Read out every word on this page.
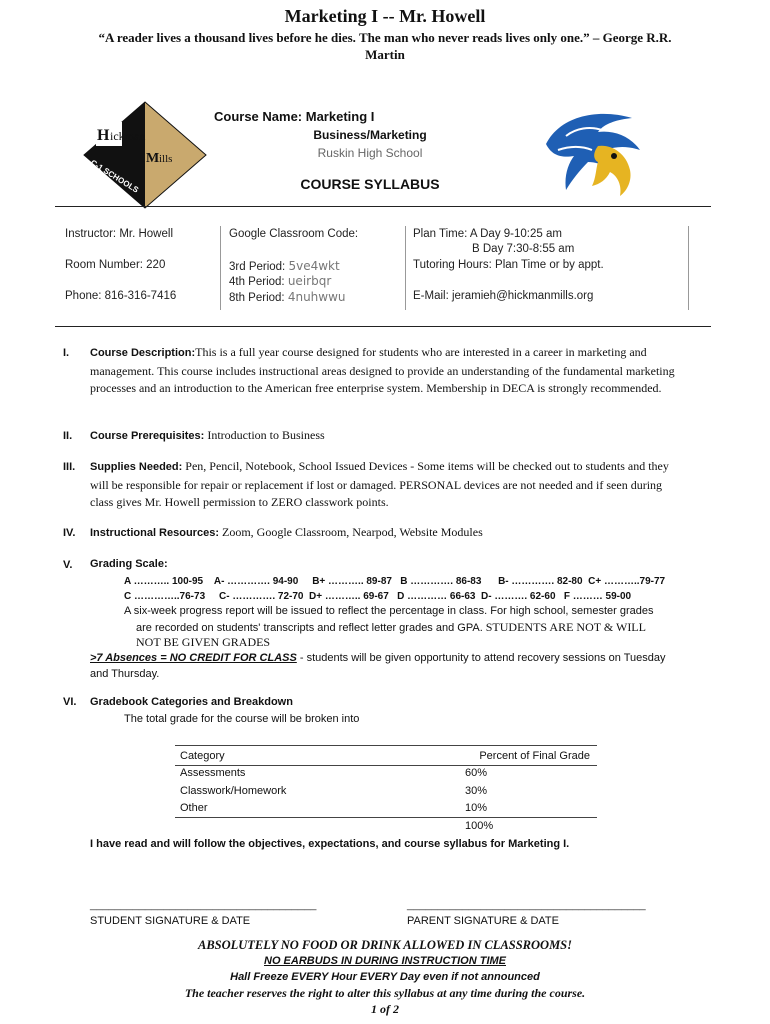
Marketing I -- Mr. Howell
“A reader lives a thousand lives before he dies. The man who never reads lives only one.” – George R.R. Martin
H ickman
M ills
C-1 SCHOOLS
Course Name: Marketing I
Business/Marketing
Ruskin High School
COURSE SYLLABUS
Instructor: Mr. Howell
Room Number: 220
Phone: 816-316-7416
Google Classroom Code:
3rd Period: 5ve4wkt
4th Period: ueirbqr
8th Period: 4nuhwwu
Plan Time: A Day 9-10:25 am
B Day 7:30-8:55 am
Tutoring Hours: Plan Time or by appt.
E-Mail: jeramieh@hickmanmills.org
I. Course Description:This is a full year course designed for students who are interested in a career in marketing and management. This course includes instructional areas designed to provide an understanding of the fundamental marketing processes and an introduction to the American free enterprise system. Membership in DECA is strongly recommended.
II. Course Prerequisites: Introduction to Business
III. Supplies Needed: Pen, Pencil, Notebook, School Issued Devices - Some items will be checked out to students and they will be responsible for repair or replacement if lost or damaged. PERSONAL devices are not needed and if seen during class gives Mr. Howell permission to ZERO classwork points.
IV. Instructional Resources: Zoom, Google Classroom, Nearpod, Website Modules
V. Grading Scale:
A ……….. 100-95    A- …………. 94-90     B+ ……….. 89-87   B …………. 86-83      B- …………. 82-80  C+ ………..79-77
C …………..76-73     C- …………. 72-70  D+ ……….. 69-67   D ………… 66-63  D- ………. 62-60   F ……… 59-00
A six-week progress report will be issued to reflect the percentage in class. For high school, semester grades
are recorded on students' transcripts and reflect letter grades and GPA. STUDENTS ARE NOT & WILL
NOT BE GIVEN GRADES
>7 Absences = NO CREDIT FOR CLASS - students will be given opportunity to attend recovery sessions on Tuesday
and Thursday.
VI. Gradebook Categories and Breakdown
The total grade for the course will be broken into
Category	Percent of Final Grade
Assessments	60%
Classwork/Homework	30%
Other	10%
	100%
I have read and will follow the objectives, expectations, and course syllabus for Marketing I.
_____________________________________	_______________________________________
STUDENT SIGNATURE & DATE	PARENT SIGNATURE & DATE
ABSOLUTELY NO FOOD OR DRINK ALLOWED IN CLASSROOMS!
NO EARBUDS IN DURING INSTRUCTION TIME
Hall Freeze EVERY Hour EVERY Day even if not announced
The teacher reserves the right to alter this syllabus at any time during the course.
1 of 2
